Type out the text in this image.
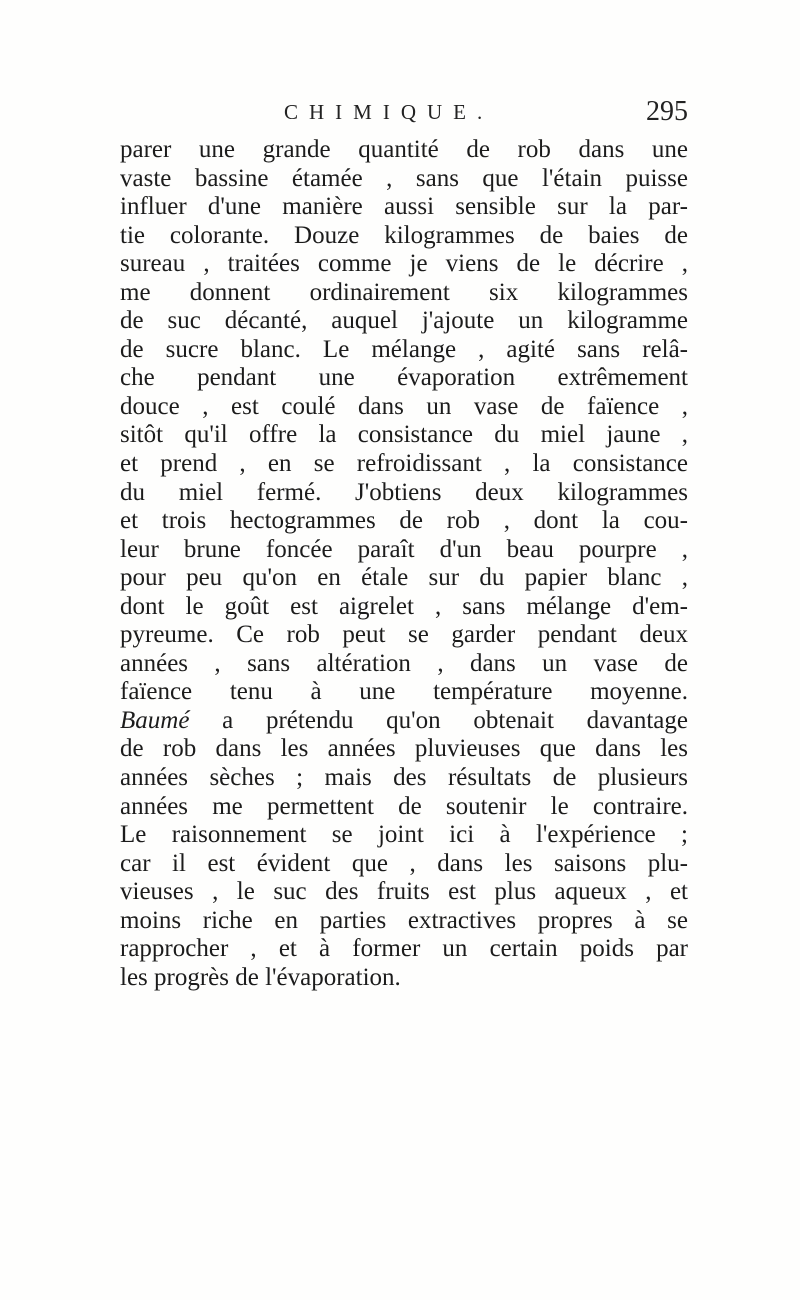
CHIMIQUE.	295
parer une grande quantité de rob dans une
vaste bassine étamée , sans que l'étain puisse
influer d'une manière aussi sensible sur la par-
tie colorante. Douze kilogrammes de baies de
sureau , traitées comme je viens de le décrire ,
me donnent ordinairement six kilogrammes
de suc décanté, auquel j'ajoute un kilogramme
de sucre blanc. Le mélange , agité sans relâ-
che pendant une évaporation extrêmement
douce , est coulé dans un vase de faïence ,
sitôt qu'il offre la consistance du miel jaune ,
et prend , en se refroidissant , la consistance
du miel fermé. J'obtiens deux kilogrammes
et trois hectogrammes de rob , dont la cou-
leur brune foncée paraît d'un beau pourpre ,
pour peu qu'on en étale sur du papier blanc ,
dont le goût est aigrelet , sans mélange d'em-
pyreume. Ce rob peut se garder pendant deux
années , sans altération , dans un vase de
faïence tenu à une température moyenne.
Baumé a prétendu qu'on obtenait davantage
de rob dans les années pluvieuses que dans les
années sèches ; mais des résultats de plusieurs
années me permettent de soutenir le contraire.
Le raisonnement se joint ici à l'expérience ;
car il est évident que , dans les saisons plu-
vieuses , le suc des fruits est plus aqueux , et
moins riche en parties extractives propres à se
rapprocher , et à former un certain poids par
les progrès de l'évaporation.
